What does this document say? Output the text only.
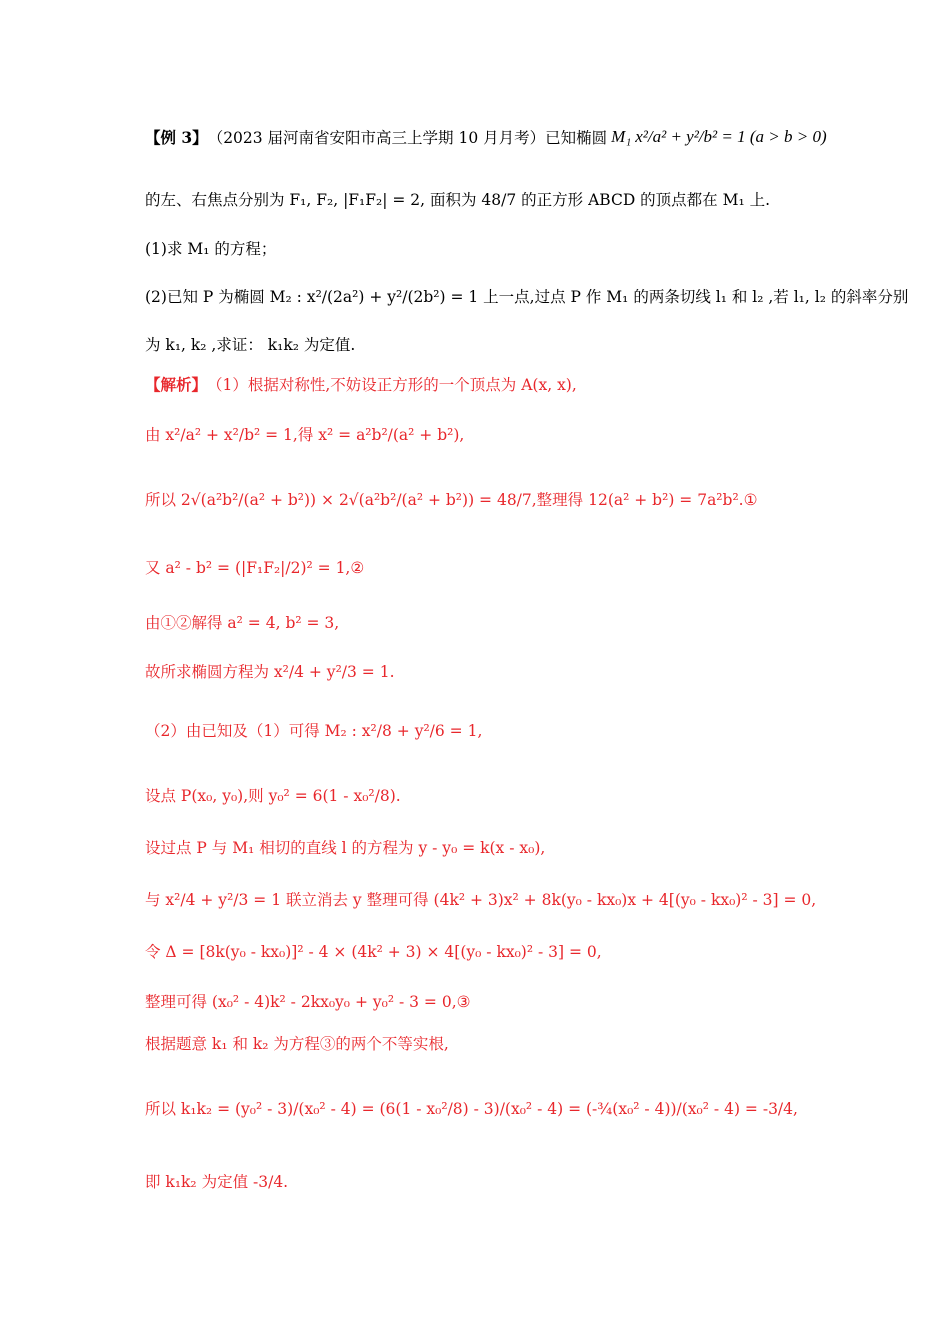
【例 3】 （2023 届河南省安阳市高三上学期 10 月月考） 已知椭圆 M₁ x²/a² + y²/b² = 1 (a > b > 0)
的左、右焦点分别为 F₁, F₂, |F₁F₂| = 2, 面积为 48/7 的正方形 ABCD 的顶点都在 M₁ 上.
(1)求 M₁ 的方程；
(2)已知 P 为椭圆 M₂ : x²/(2a²) + y²/(2b²) = 1 上一点,过点 P 作 M₁ 的两条切线 l₁ 和 l₂ ,若 l₁, l₂ 的斜率分别
为 k₁, k₂ ,求证： k₁k₂ 为定值.
【解析】 （1）根据对称性,不妨设正方形的一个顶点为 A(x, x),
由 x²/a² + x²/b² = 1,得 x² = a²b²/(a² + b²),
所以 2√(a²b²/(a² + b²)) × 2√(a²b²/(a² + b²)) = 48/7,整理得 12(a² + b²) = 7a²b².①
又 a² - b² = (|F₁F₂|/2)² = 1,②
由①②解得 a² = 4, b² = 3,
故所求椭圆方程为 x²/4 + y²/3 = 1.
（2）由已知及（1）可得 M₂ : x²/8 + y²/6 = 1,
设点 P(x₀, y₀),则 y₀² = 6(1 - x₀²/8).
设过点 P 与 M₁ 相切的直线 l 的方程为 y - y₀ = k(x - x₀),
与 x²/4 + y²/3 = 1 联立消去 y 整理可得 (4k² + 3)x² + 8k(y₀ - kx₀)x + 4[(y₀ - kx₀)² - 3] = 0,
令 Δ = [8k(y₀ - kx₀)]² - 4 × (4k² + 3) × 4[(y₀ - kx₀)² - 3] = 0,
整理可得 (x₀² - 4)k² - 2kx₀y₀ + y₀² - 3 = 0,③
根据题意 k₁ 和 k₂ 为方程③的两个不等实根,
所以 k₁k₂ = (y₀² - 3)/(x₀² - 4) = (6(1 - x₀²/8) - 3)/(x₀² - 4) = (-¾(x₀² - 4))/(x₀² - 4) = -3/4,
即 k₁k₂ 为定值 -3/4.
